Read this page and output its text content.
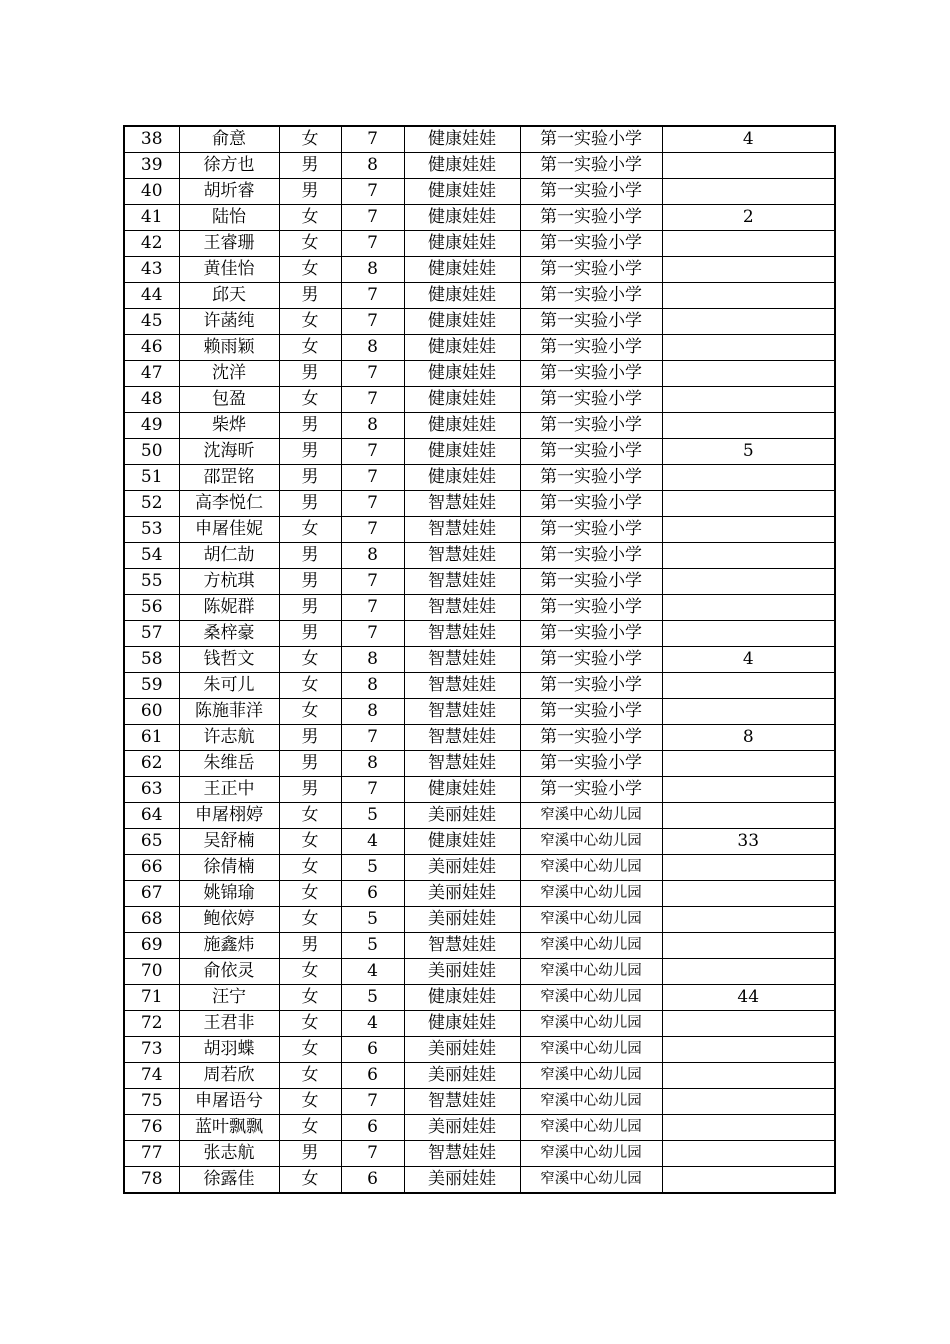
38	俞意	女	7	健康娃娃	第一实验小学	4
39	徐方也	男	8	健康娃娃	第一实验小学	
40	胡圻睿	男	7	健康娃娃	第一实验小学	
41	陆怡	女	7	健康娃娃	第一实验小学	2
42	王睿珊	女	7	健康娃娃	第一实验小学	
43	黄佳怡	女	8	健康娃娃	第一实验小学	
44	邱天	男	7	健康娃娃	第一实验小学	
45	许菡纯	女	7	健康娃娃	第一实验小学	
46	赖雨颖	女	8	健康娃娃	第一实验小学	
47	沈洋	男	7	健康娃娃	第一实验小学	
48	包盈	女	7	健康娃娃	第一实验小学	
49	柴烨	男	8	健康娃娃	第一实验小学	
50	沈海昕	男	7	健康娃娃	第一实验小学	5
51	邵罡铭	男	7	健康娃娃	第一实验小学	
52	高李悦仁	男	7	智慧娃娃	第一实验小学	
53	申屠佳妮	女	7	智慧娃娃	第一实验小学	
54	胡仁劼	男	8	智慧娃娃	第一实验小学	
55	方杭琪	男	7	智慧娃娃	第一实验小学	
56	陈妮群	男	7	智慧娃娃	第一实验小学	
57	桑梓豪	男	7	智慧娃娃	第一实验小学	
58	钱哲文	女	8	智慧娃娃	第一实验小学	4
59	朱可儿	女	8	智慧娃娃	第一实验小学	
60	陈施菲洋	女	8	智慧娃娃	第一实验小学	
61	许志航	男	7	智慧娃娃	第一实验小学	8
62	朱维岳	男	8	智慧娃娃	第一实验小学	
63	王正中	男	7	健康娃娃	第一实验小学	
64	申屠栩婷	女	5	美丽娃娃	窄溪中心幼儿园	
65	吴舒楠	女	4	健康娃娃	窄溪中心幼儿园	33
66	徐倩楠	女	5	美丽娃娃	窄溪中心幼儿园	
67	姚锦瑜	女	6	美丽娃娃	窄溪中心幼儿园	
68	鲍依婷	女	5	美丽娃娃	窄溪中心幼儿园	
69	施鑫炜	男	5	智慧娃娃	窄溪中心幼儿园	
70	俞依灵	女	4	美丽娃娃	窄溪中心幼儿园	
71	汪宁	女	5	健康娃娃	窄溪中心幼儿园	44
72	王君非	女	4	健康娃娃	窄溪中心幼儿园	
73	胡羽蝶	女	6	美丽娃娃	窄溪中心幼儿园	
74	周若欣	女	6	美丽娃娃	窄溪中心幼儿园	
75	申屠语兮	女	7	智慧娃娃	窄溪中心幼儿园	
76	蓝叶飘飘	女	6	美丽娃娃	窄溪中心幼儿园	
77	张志航	男	7	智慧娃娃	窄溪中心幼儿园	
78	徐露佳	女	6	美丽娃娃	窄溪中心幼儿园	
